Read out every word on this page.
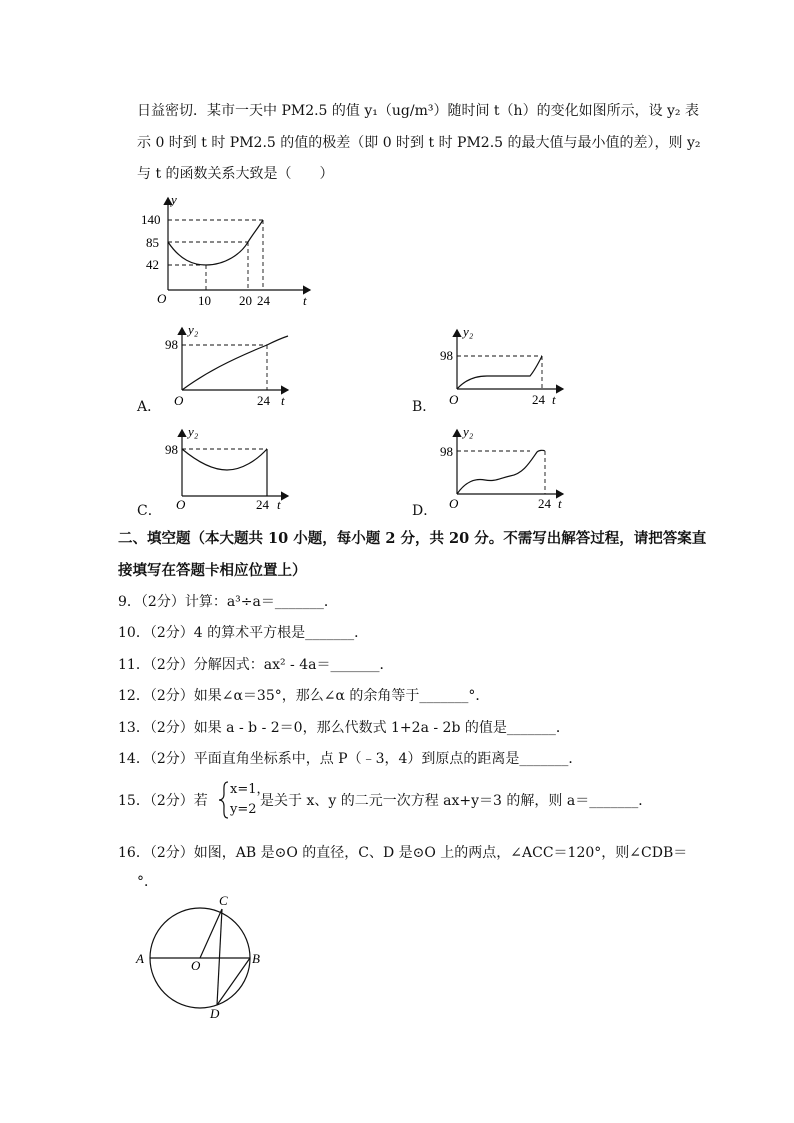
日益密切．某市一天中 PM2.5 的值 y₁（ug/m³）随时间 t（h）的变化如图所示，设 y₂ 表
示 0 时到 t 时 PM2.5 的值的极差（即 0 时到 t 时 PM2.5 的最大值与最小值的差），则 y₂
与 t 的函数关系大致是（　　）
y
t
O
140
85
42
10 20 24
A．
y₂
98
O	24 t	B．
y₂
98
O	24 t
C．
y₂
98
O	24 t	D．
y₂
98
O	24 t
二、填空题（本大题共 10 小题，每小题 2 分，共 20 分。不需写出解答过程，请把答案直
接填写在答题卡相应位置上）
9．（2分）计算：a³÷a＝_______．
10．（2分）4 的算术平方根是_______．
11．（2分）分解因式：ax² - 4a＝_______．
12．（2分）如果∠α＝35°，那么∠α 的余角等于_______°．
13．（2分）如果 a - b - 2＝0，那么代数式 1+2a - 2b 的值是_______．
14．（2分）平面直角坐标系中，点 P（﹣3，4）到原点的距离是_______．
15．（2分）若
x=1，
y=2
是关于 x、y 的二元一次方程 ax+y＝3 的解，则 a＝_______．
16．（2分）如图，AB 是⊙O 的直径，C、D 是⊙O 上的两点，∠ACC＝120°，则∠CDB＝
°．
A	B
C
D
O
